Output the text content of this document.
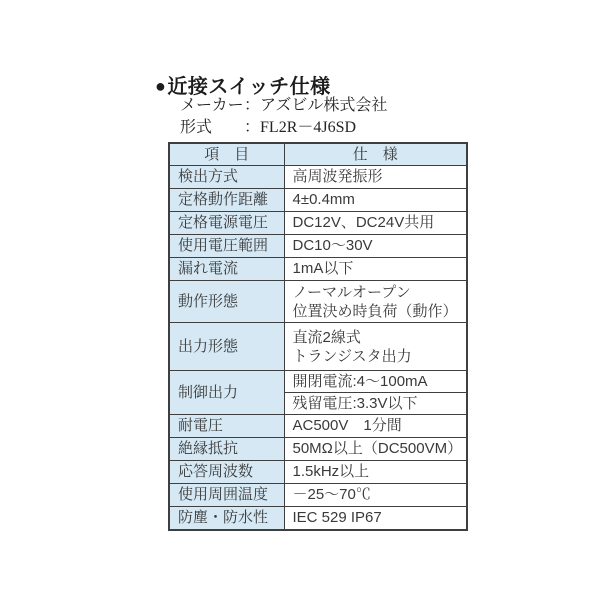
●近接スイッチ仕様
メーカー：アズビル株式会社
形式 ：FL2R－4J6SD
項　目	仕　様
検出方式	高周波発振形
定格動作距離	4±0.4mm
定格電源電圧	DC12V、DC24V共用
使用電圧範囲	DC10～30V
漏れ電流	1mA以下
動作形態	ノーマルオープン
位置決め時負荷（動作）

出力形態	直流2線式
トランジスタ出力

制御出力	開閉電流:4～100mA
	残留電圧:3.3V以下
耐電圧	AC500V　1分間
絶縁抵抗	50MΩ以上（DC500VM）
応答周波数	1.5kHz以上
使用周囲温度	－25～70℃
防塵・防水性	IEC 529 IP67
